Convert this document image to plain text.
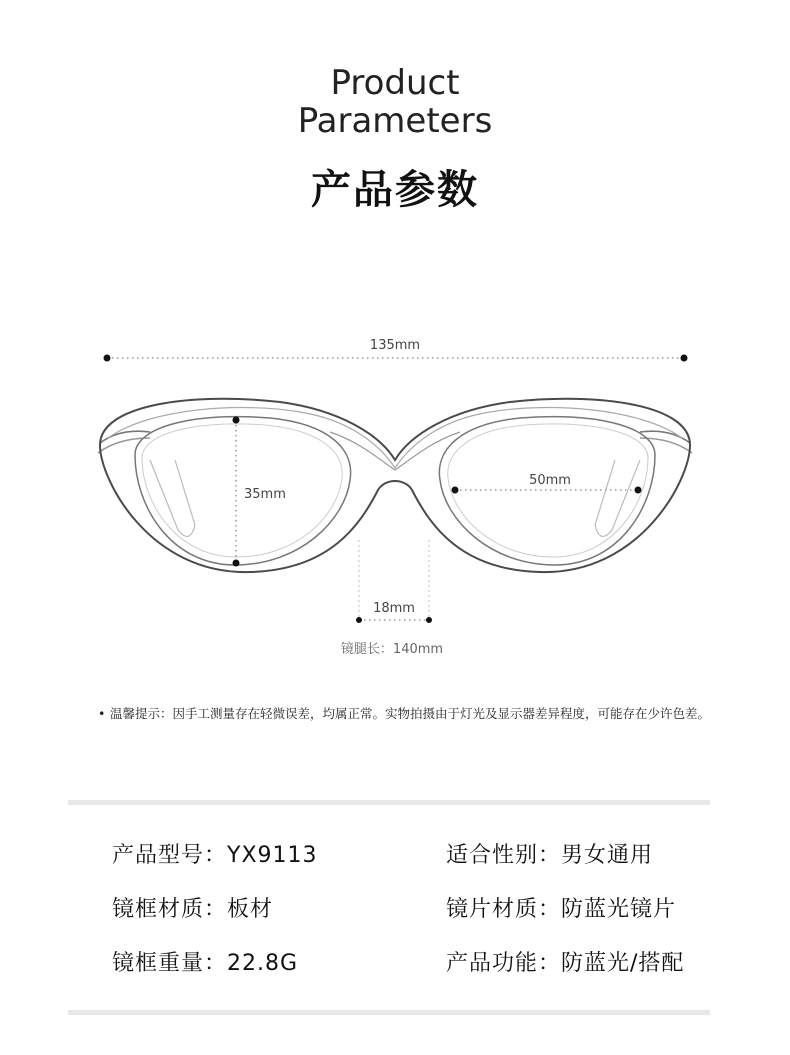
Product
Parameters
产品参数
135mm
35mm
50mm
18mm
镜腿长：140mm
• 温馨提示：因手工测量存在轻微误差，均属正常。实物拍摄由于灯光及显示器差异程度，可能存在少许色差。
产品型号：YX9113	适合性别：男女通用
镜框材质：板材	镜片材质：防蓝光镜片
镜框重量：22.8G	产品功能：防蓝光/搭配
